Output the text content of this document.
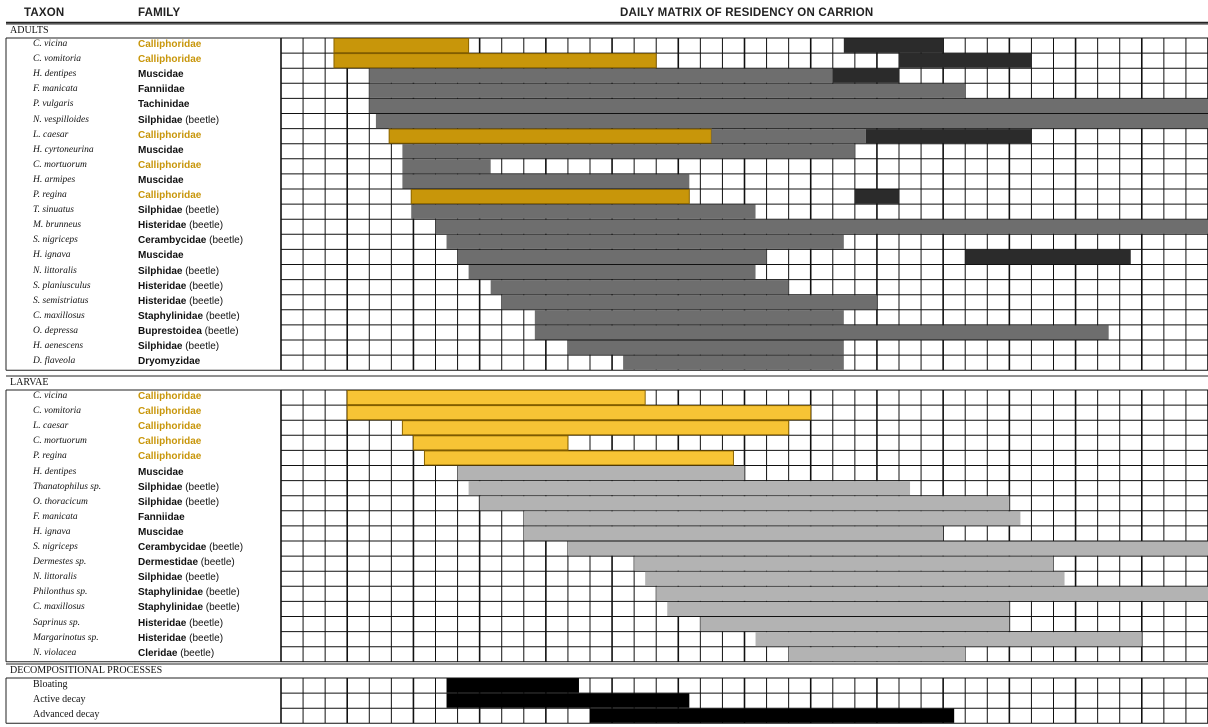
TAXON	FAMILY	DAILY MATRIX OF RESIDENCY ON CARRION
ADULTS
C. vicina	Calliphoridae
C. vomitoria	Calliphoridae
H. dentipes	Muscidae
F. manicata	Fanniidae
P. vulgaris	Tachinidae
N. vespilloides	Silphidae (beetle)
L. caesar	Calliphoridae
H. cyrtoneurina	Muscidae
C. mortuorum	Calliphoridae
H. armipes	Muscidae
P. regina	Calliphoridae
T. sinuatus	Silphidae (beetle)
M. brunneus	Histeridae (beetle)
S. nigriceps	Cerambycidae (beetle)
H. ignava	Muscidae
N. littoralis	Silphidae (beetle)
S. planiusculus	Histeridae (beetle)
S. semistriatus	Histeridae (beetle)
C. maxillosus	Staphylinidae (beetle)
O. depressa	Buprestoidea (beetle)
H. aenescens	Silphidae (beetle)
D. flaveola	Dryomyzidae
LARVAE
C. vicina	Calliphoridae
C. vomitoria	Calliphoridae
L. caesar	Calliphoridae
C. mortuorum	Calliphoridae
P. regina	Calliphoridae
H. dentipes	Muscidae
Thanatophilus sp.	Silphidae (beetle)
O. thoracicum	Silphidae (beetle)
F. manicata	Fanniidae
H. ignava	Muscidae
S. nigriceps	Cerambycidae (beetle)
Dermestes sp.	Dermestidae (beetle)
N. littoralis	Silphidae (beetle)
Philonthus sp.	Staphylinidae (beetle)
C. maxillosus	Staphylinidae (beetle)
Saprinus sp.	Histeridae (beetle)
Margarinotus sp.	Histeridae (beetle)
N. violacea	Cleridae (beetle)
DECOMPOSITIONAL PROCESSES
Bloating
Active decay
Advanced decay
